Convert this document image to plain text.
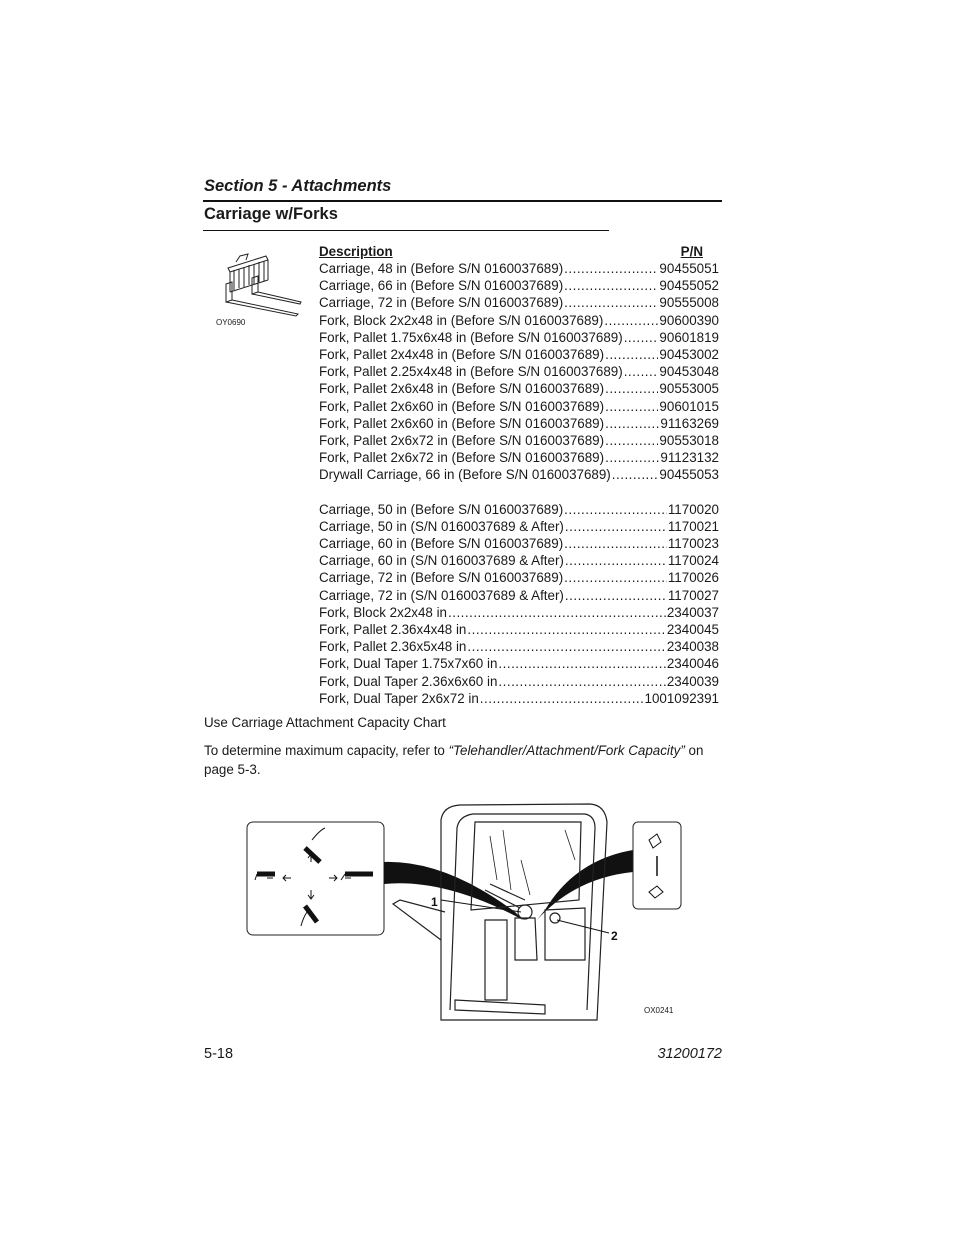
Section 5 - Attachments
Carriage w/Forks
OY0690
Description	P/N
Carriage, 48 in (Before S/N 0160037689) .....	90455051
Carriage, 66 in (Before S/N 0160037689) .....	90455052
Carriage, 72 in (Before S/N 0160037689) .....	90555008
Fork, Block 2x2x48 in (Before S/N 0160037689) .....	90600390
Fork, Pallet 1.75x6x48 in (Before S/N 0160037689) .....	90601819
Fork, Pallet 2x4x48 in (Before S/N 0160037689) .....	90453002
Fork, Pallet 2.25x4x48 in (Before S/N 0160037689) .....	90453048
Fork, Pallet 2x6x48 in (Before S/N 0160037689) .....	90553005
Fork, Pallet 2x6x60 in (Before S/N 0160037689) .....	90601015
Fork, Pallet 2x6x60 in (Before S/N 0160037689) .....	91163269
Fork, Pallet 2x6x72 in (Before S/N 0160037689) .....	90553018
Fork, Pallet 2x6x72 in (Before S/N 0160037689) .....	91123132
Drywall Carriage, 66 in (Before S/N 0160037689) .....	90455053
Carriage, 50 in (Before S/N 0160037689) .....	1170020
Carriage, 50 in (S/N 0160037689 & After) .....	1170021
Carriage, 60 in (Before S/N 0160037689) .....	1170023
Carriage, 60 in (S/N 0160037689 & After) .....	1170024
Carriage, 72 in (Before S/N 0160037689) .....	1170026
Carriage, 72 in (S/N 0160037689 & After) .....	1170027
Fork, Block 2x2x48 in .....	2340037
Fork, Pallet 2.36x4x48 in .....	2340045
Fork, Pallet 2.36x5x48 in .....	2340038
Fork, Dual Taper 1.75x7x60 in .....	2340046
Fork, Dual Taper 2.36x6x60 in .....	2340039
Fork, Dual Taper 2x6x72 in .....	1001092391
Use Carriage Attachment Capacity Chart
To determine maximum capacity, refer to “Telehandler/Attachment/Fork Capacity” on page 5-3.
1
2
OX0241
5-18	31200172
